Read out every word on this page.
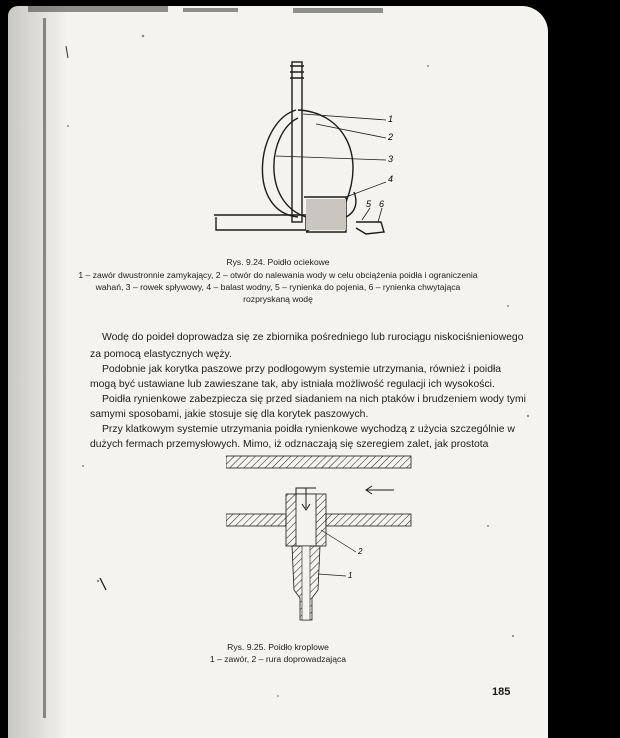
1
2
3
4
5 6
Rys. 9.24. Poidło ociekowe
1 – zawór dwustronnie zamykający, 2 – otwór do nalewania wody w celu obciążenia poidła i ograniczenia
wahań, 3 – rowek spływowy, 4 – balast wodny, 5 – rynienka do pojenia, 6 – rynienka chwytająca
rozpryskaną wodę
Wodę do poideł doprowadza się ze zbiornika pośredniego lub rurociągu niskociśnieniowego
za pomocą elastycznych węży.
Podobnie jak korytka paszowe przy podłogowym systemie utrzymania, również i poidła
mogą być ustawiane lub zawieszane tak, aby istniała możliwość regulacji ich wysokości.
Poidła rynienkowe zabezpiecza się przed siadaniem na nich ptaków i brudzeniem wody tymi
samymi sposobami, jakie stosuje się dla korytek paszowych.
Przy klatkowym systemie utrzymania poidła rynienkowe wychodzą z użycia szczególnie w
dużych fermach przemysłowych. Mimo, iż odznaczają się szeregiem zalet, jak prostota
2
1
Rys. 9.25. Poidło kroplowe
1 – zawór, 2 – rura doprowadzająca
185
